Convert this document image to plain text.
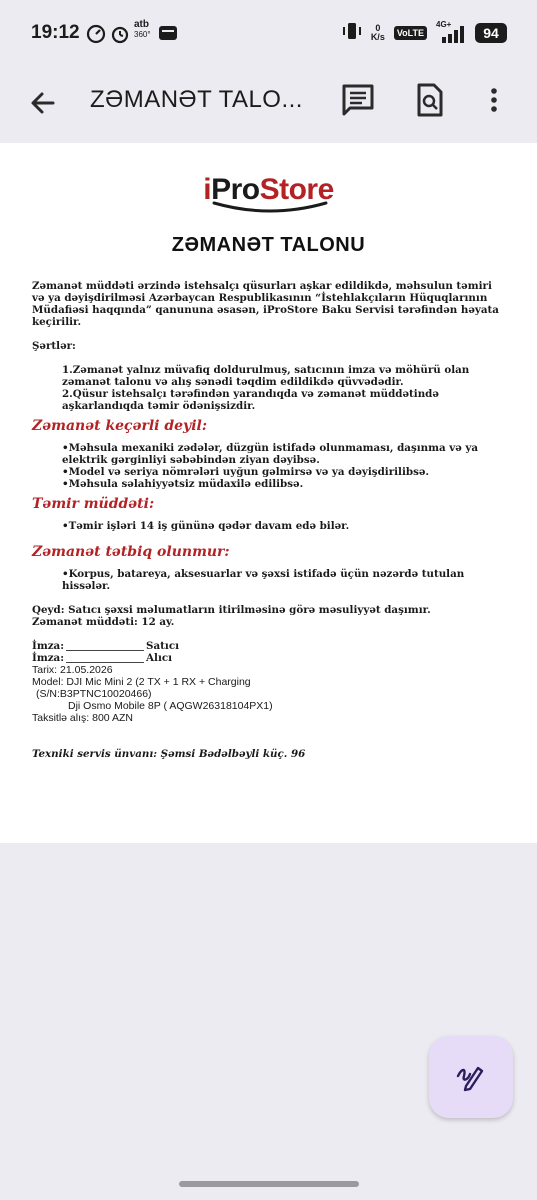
19:12	atb
360°
0
K/s	VoLTE
4G+
94
ZƏMANƏT TALO...
iProStore
ZƏMANƏT TALONU

Zəmanət müddəti ərzində istehsalçı qüsurları aşkar edildikdə, məhsulun təmiri və ya dəyişdirilməsi Azərbaycan Respublikasının “İstehlakçıların Hüquqlarının Müdafiəsi haqqında” qanununa əsasən, iProStore Baku Servisi tərəfindən həyata keçirilir.

Şərtlər:

1.Zəmanət yalnız müvafiq doldurulmuş, satıcının imza və möhürü olan zəmanət talonu və alış sənədi təqdim edildikdə qüvvədədir.

2.Qüsur istehsalçı tərəfindən yarandıqda və zəmanət müddətində aşkarlandıqda təmir ödənişsizdir.

Zəmanət keçərli deyil:

•Məhsula mexaniki zədələr, düzgün istifadə olunmaması, daşınma və ya elektrik gərginliyi səbəbindən ziyan dəyibsə.

•Model və seriya nömrələri uyğun gəlmirsə və ya dəyişdirilibsə.

•Məhsula səlahiyyətsiz müdaxilə edilibsə.

Təmir müddəti:

•Təmir işləri 14 iş gününə qədər davam edə bilər.

Zəmanət tətbiq olunmur:

•Korpus, batareya, aksesuarlar və şəxsi istifadə üçün nəzərdə tutulan hissələr.

Qeyd: Satıcı şəxsi məlumatların itirilməsinə görə məsuliyyət daşımır.

Zəmanət müddəti: 12 ay.

İmza:	Satıcı

İmza:	Alıcı

Tarix: 21.05.2026

Model: DJI Mic Mini 2 (2 TX + 1 RX + Charging

(S/N:B3PTNC10020466)

Dji Osmo Mobile 8P ( AQGW26318104PX1)

Taksitlə alış: 800 AZN

Texniki servis ünvanı: Şəmsi Bədəlbəyli küç. 96
